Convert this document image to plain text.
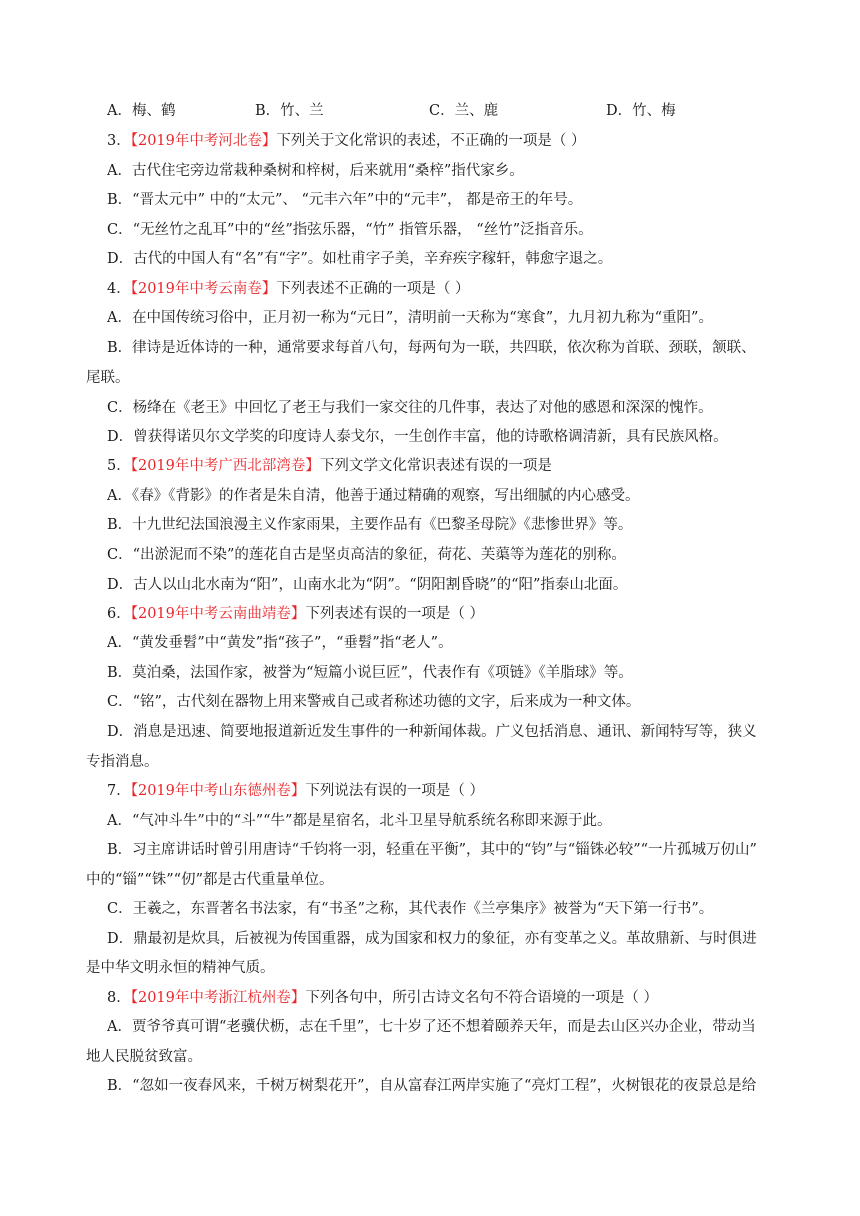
A．梅、鹤	B．竹、兰	C．兰、鹿	D．竹、梅
3．【2019年中考河北卷】下列关于文化常识的表述，不正确的一项是（ ）
A．古代住宅旁边常栽种桑树和梓树，后来就用“桑梓”指代家乡。
B．“晋太元中” 中的“太元”、 “元丰六年”中的“元丰”， 都是帝王的年号。
C．“无丝竹之乱耳”中的“丝”指弦乐器，“竹” 指管乐器， “丝竹”泛指音乐。
D．古代的中国人有“名”有“字”。如杜甫字子美，辛弃疾字稼轩，韩愈字退之。
4．【2019年中考云南卷】下列表述不正确的一项是（ ）
A．在中国传统习俗中，正月初一称为“元日”，清明前一天称为“寒食”，九月初九称为“重阳”。
B．律诗是近体诗的一种，通常要求每首八句，每两句为一联，共四联，依次称为首联、颈联，颔联、
尾联。
C．杨绛在《老王》中回忆了老王与我们一家交往的几件事，表达了对他的感恩和深深的愧怍。
D．曾获得诺贝尔文学奖的印度诗人泰戈尔，一生创作丰富，他的诗歌格调清新，具有民族风格。
5．【2019年中考广西北部湾卷】下列文学文化常识表述有误的一项是
A．《春》《背影》的作者是朱自清，他善于通过精确的观察，写出细腻的内心感受。
B．十九世纪法国浪漫主义作家雨果，主要作品有《巴黎圣母院》《悲惨世界》等。
C．“出淤泥而不染”的莲花自古是坚贞高洁的象征，荷花、芙蕖等为莲花的别称。
D．古人以山北水南为“阳”，山南水北为“阴”。“阴阳割昏晓”的“阳”指泰山北面。
6．【2019年中考云南曲靖卷】下列表述有误的一项是（ ）
A．“黄发垂髫”中“黄发”指“孩子”，“垂髫”指“老人”。
B．莫泊桑，法国作家，被誉为“短篇小说巨匠”，代表作有《项链》《羊脂球》等。
C．“铭”，古代刻在器物上用来警戒自己或者称述功德的文字，后来成为一种文体。
D．消息是迅速、简要地报道新近发生事件的一种新闻体裁。广义包括消息、通讯、新闻特写等，狭义
专指消息。
7．【2019年中考山东德州卷】下列说法有误的一项是（ ）
A．“气冲斗牛”中的“斗”“牛”都是星宿名，北斗卫星导航系统名称即来源于此。
B．习主席讲话时曾引用唐诗“千钧将一羽，轻重在平衡”，其中的“钧”与“锱铢必较”“一片孤城万仞山”
中的“锱”“铢”“仞”都是古代重量单位。
C．王羲之，东晋著名书法家，有“书圣”之称，其代表作《兰亭集序》被誉为“天下第一行书”。
D．鼎最初是炊具，后被视为传国重器，成为国家和权力的象征，亦有变革之义。革故鼎新、与时俱进
是中华文明永恒的精神气质。
8．【2019年中考浙江杭州卷】下列各句中，所引古诗文名句不符合语境的一项是（ ）
A．贾爷爷真可谓“老骥伏枥，志在千里”，七十岁了还不想着颐养天年，而是去山区兴办企业，带动当
地人民脱贫致富。
B．“忽如一夜春风来，千树万树梨花开”，自从富春江两岸实施了“亮灯工程”，火树银花的夜景总是给
